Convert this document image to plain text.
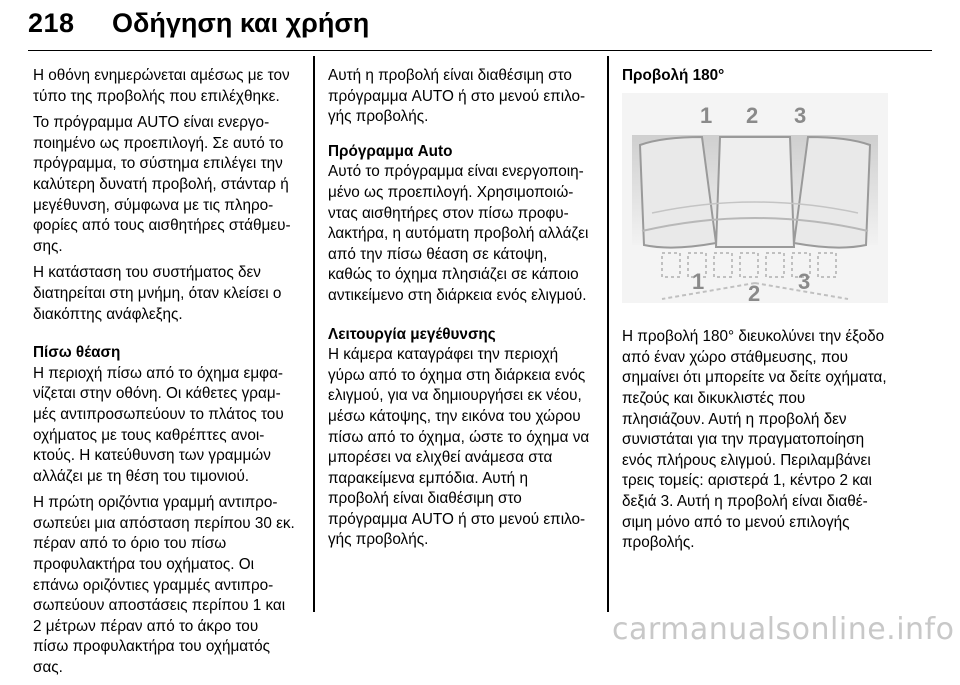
218 Οδήγηση και χρήση

Η οθόνη ενημερώνεται αμέσως με τον τύπο της προβολής που επιλέχθηκε.

Το πρόγραμμα AUTO είναι ενεργοποιημένο ως προεπιλογή. Σε αυτό το πρόγραμμα, το σύστημα επιλέγει την καλύτερη δυνατή προβολή, στάνταρ ή μεγέθυνση, σύμφωνα με τις πληροφορίες από τους αισθητήρες στάθμευσης.

Η κατάσταση του συστήματος δεν διατηρείται στη μνήμη, όταν κλείσει ο διακόπτης ανάφλεξης.

Πίσω θέαση

Η περιοχή πίσω από το όχημα εμφανίζεται στην οθόνη. Οι κάθετες γραμμές αντιπροσωπεύουν το πλάτος του οχήματος με τους καθρέπτες ανοικτούς. Η κατεύθυνση των γραμμών αλλάζει με τη θέση του τιμονιού.

Η πρώτη οριζόντια γραμμή αντιπροσωπεύει μια απόσταση περίπου 30 εκ. πέραν από το όριο του πίσω προφυλακτήρα του οχήματος. Οι επάνω οριζόντιες γραμμές αντιπροσωπεύουν αποστάσεις περίπου 1 και 2 μέτρων πέραν από το άκρο του πίσω προφυλακτήρα του οχήματός σας.

Αυτή η προβολή είναι διαθέσιμη στο πρόγραμμα AUTO ή στο μενού επιλογής προβολής.

Πρόγραμμα Auto

Αυτό το πρόγραμμα είναι ενεργοποιημένο ως προεπιλογή. Χρησιμοποιώντας αισθητήρες στον πίσω προφυλακτήρα, η αυτόματη προβολή αλλάζει από την πίσω θέαση σε κάτοψη, καθώς το όχημα πλησιάζει σε κάποιο αντικείμενο στη διάρκεια ενός ελιγμού.

Λειτουργία μεγέθυνσης

Η κάμερα καταγράφει την περιοχή γύρω από το όχημα στη διάρκεια ενός ελιγμού, για να δημιουργήσει εκ νέου, μέσω κάτοψης, την εικόνα του χώρου πίσω από το όχημα, ώστε το όχημα να μπορέσει να ελιχθεί ανάμεσα στα παρακείμενα εμπόδια. Αυτή η προβολή είναι διαθέσιμη στο πρόγραμμα AUTO ή στο μενού επιλογής προβολής.

Προβολή 180°

1 2 3
1 2 3

Η προβολή 180° διευκολύνει την έξοδο από έναν χώρο στάθμευσης, που σημαίνει ότι μπορείτε να δείτε οχήματα, πεζούς και δικυκλιστές που πλησιάζουν. Αυτή η προβολή δεν συνιστάται για την πραγματοποίηση ενός πλήρους ελιγμού. Περιλαμβάνει τρεις τομείς: αριστερά 1, κέντρο 2 και δεξιά 3. Αυτή η προβολή είναι διαθέσιμη μόνο από το μενού επιλογής προβολής.

carmanualsonline.info
